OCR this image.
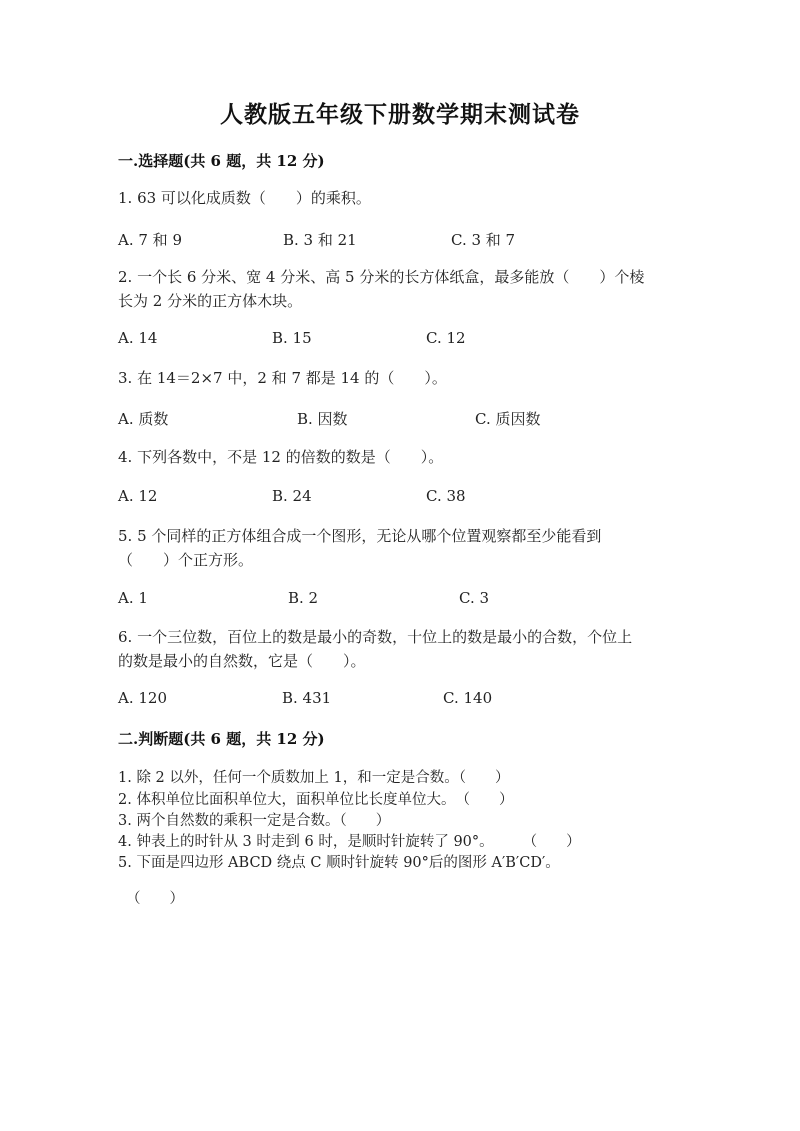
人教版五年级下册数学期末测试卷
一.选择题(共 6 题，共 12 分)
1. 63 可以化成质数（　　）的乘积。
A. 7 和 9	B. 3 和 21	C. 3 和 7
2. 一个长 6 分米、宽 4 分米、高 5 分米的长方体纸盒，最多能放（　　）个棱
长为 2 分米的正方体木块。
A. 14	B. 15	C. 12
3. 在 14＝2×7 中，2 和 7 都是 14 的（　　）。
A. 质数	B. 因数	C. 质因数
4. 下列各数中，不是 12 的倍数的数是（　　）。
A. 12	B. 24	C. 38
5. 5 个同样的正方体组合成一个图形，无论从哪个位置观察都至少能看到
（　　）个正方形。
A. 1	B. 2	C. 3
6. 一个三位数，百位上的数是最小的奇数，十位上的数是最小的合数，个位上
的数是最小的自然数，它是（　　）。
A. 120	B. 431	C. 140
二.判断题(共 6 题，共 12 分)
1. 除 2 以外，任何一个质数加上 1，和一定是合数。（　　）
2. 体积单位比面积单位大，面积单位比长度单位大。　（　　）
3. 两个自然数的乘积一定是合数。（　　）
4. 钟表上的时针从 3 时走到 6 时，是顺时针旋转了 90°。　　　（　　）
5. 下面是四边形 ABCD 绕点 C 顺时针旋转 90°后的图形 A′B′CD′。
（　　）
